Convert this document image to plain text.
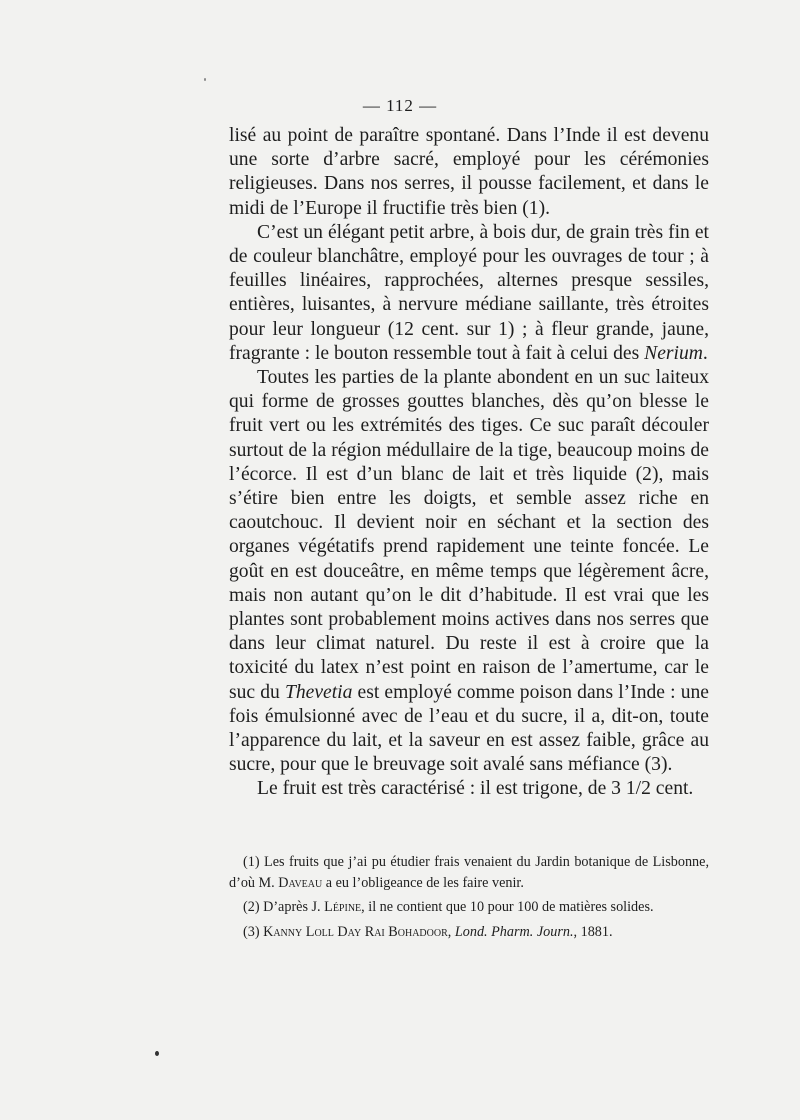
— 112 —

lisé au point de paraître spontané. Dans l’Inde il est devenu une sorte d’arbre sacré, employé pour les cérémonies religieuses. Dans nos serres, il pousse facilement, et dans le midi de l’Europe il fructifie très bien (1).

C’est un élégant petit arbre, à bois dur, de grain très fin et de couleur blanchâtre, employé pour les ouvrages de tour ; à feuilles linéaires, rapprochées, alternes presque sessiles, entières, luisantes, à nervure médiane saillante, très étroites pour leur longueur (12 cent. sur 1) ; à fleur grande, jaune, fragrante : le bouton ressemble tout à fait à celui des Nerium.

Toutes les parties de la plante abondent en un suc laiteux qui forme de grosses gouttes blanches, dès qu’on blesse le fruit vert ou les extrémités des tiges. Ce suc paraît découler surtout de la région médullaire de la tige, beaucoup moins de l’écorce. Il est d’un blanc de lait et très liquide (2), mais s’étire bien entre les doigts, et semble assez riche en caoutchouc. Il devient noir en séchant et la section des organes végétatifs prend rapidement une teinte foncée. Le goût en est douceâtre, en même temps que légèrement âcre, mais non autant qu’on le dit d’habitude. Il est vrai que les plantes sont probablement moins actives dans nos serres que dans leur climat naturel. Du reste il est à croire que la toxicité du latex n’est point en raison de l’amertume, car le suc du Thevetia est employé comme poison dans l’Inde : une fois émulsionné avec de l’eau et du sucre, il a, dit-on, toute l’apparence du lait, et la saveur en est assez faible, grâce au sucre, pour que le breuvage soit avalé sans méfiance (3).

Le fruit est très caractérisé : il est trigone, de 3 1/2 cent.

(1) Les fruits que j’ai pu étudier frais venaient du Jardin botanique de Lisbonne, d’où M. Daveau a eu l’obligeance de les faire venir.

(2) D’après J. Lépine, il ne contient que 10 pour 100 de matières solides.

(3) Kanny Loll Day Rai Bohadoor, Lond. Pharm. Journ., 1881.
